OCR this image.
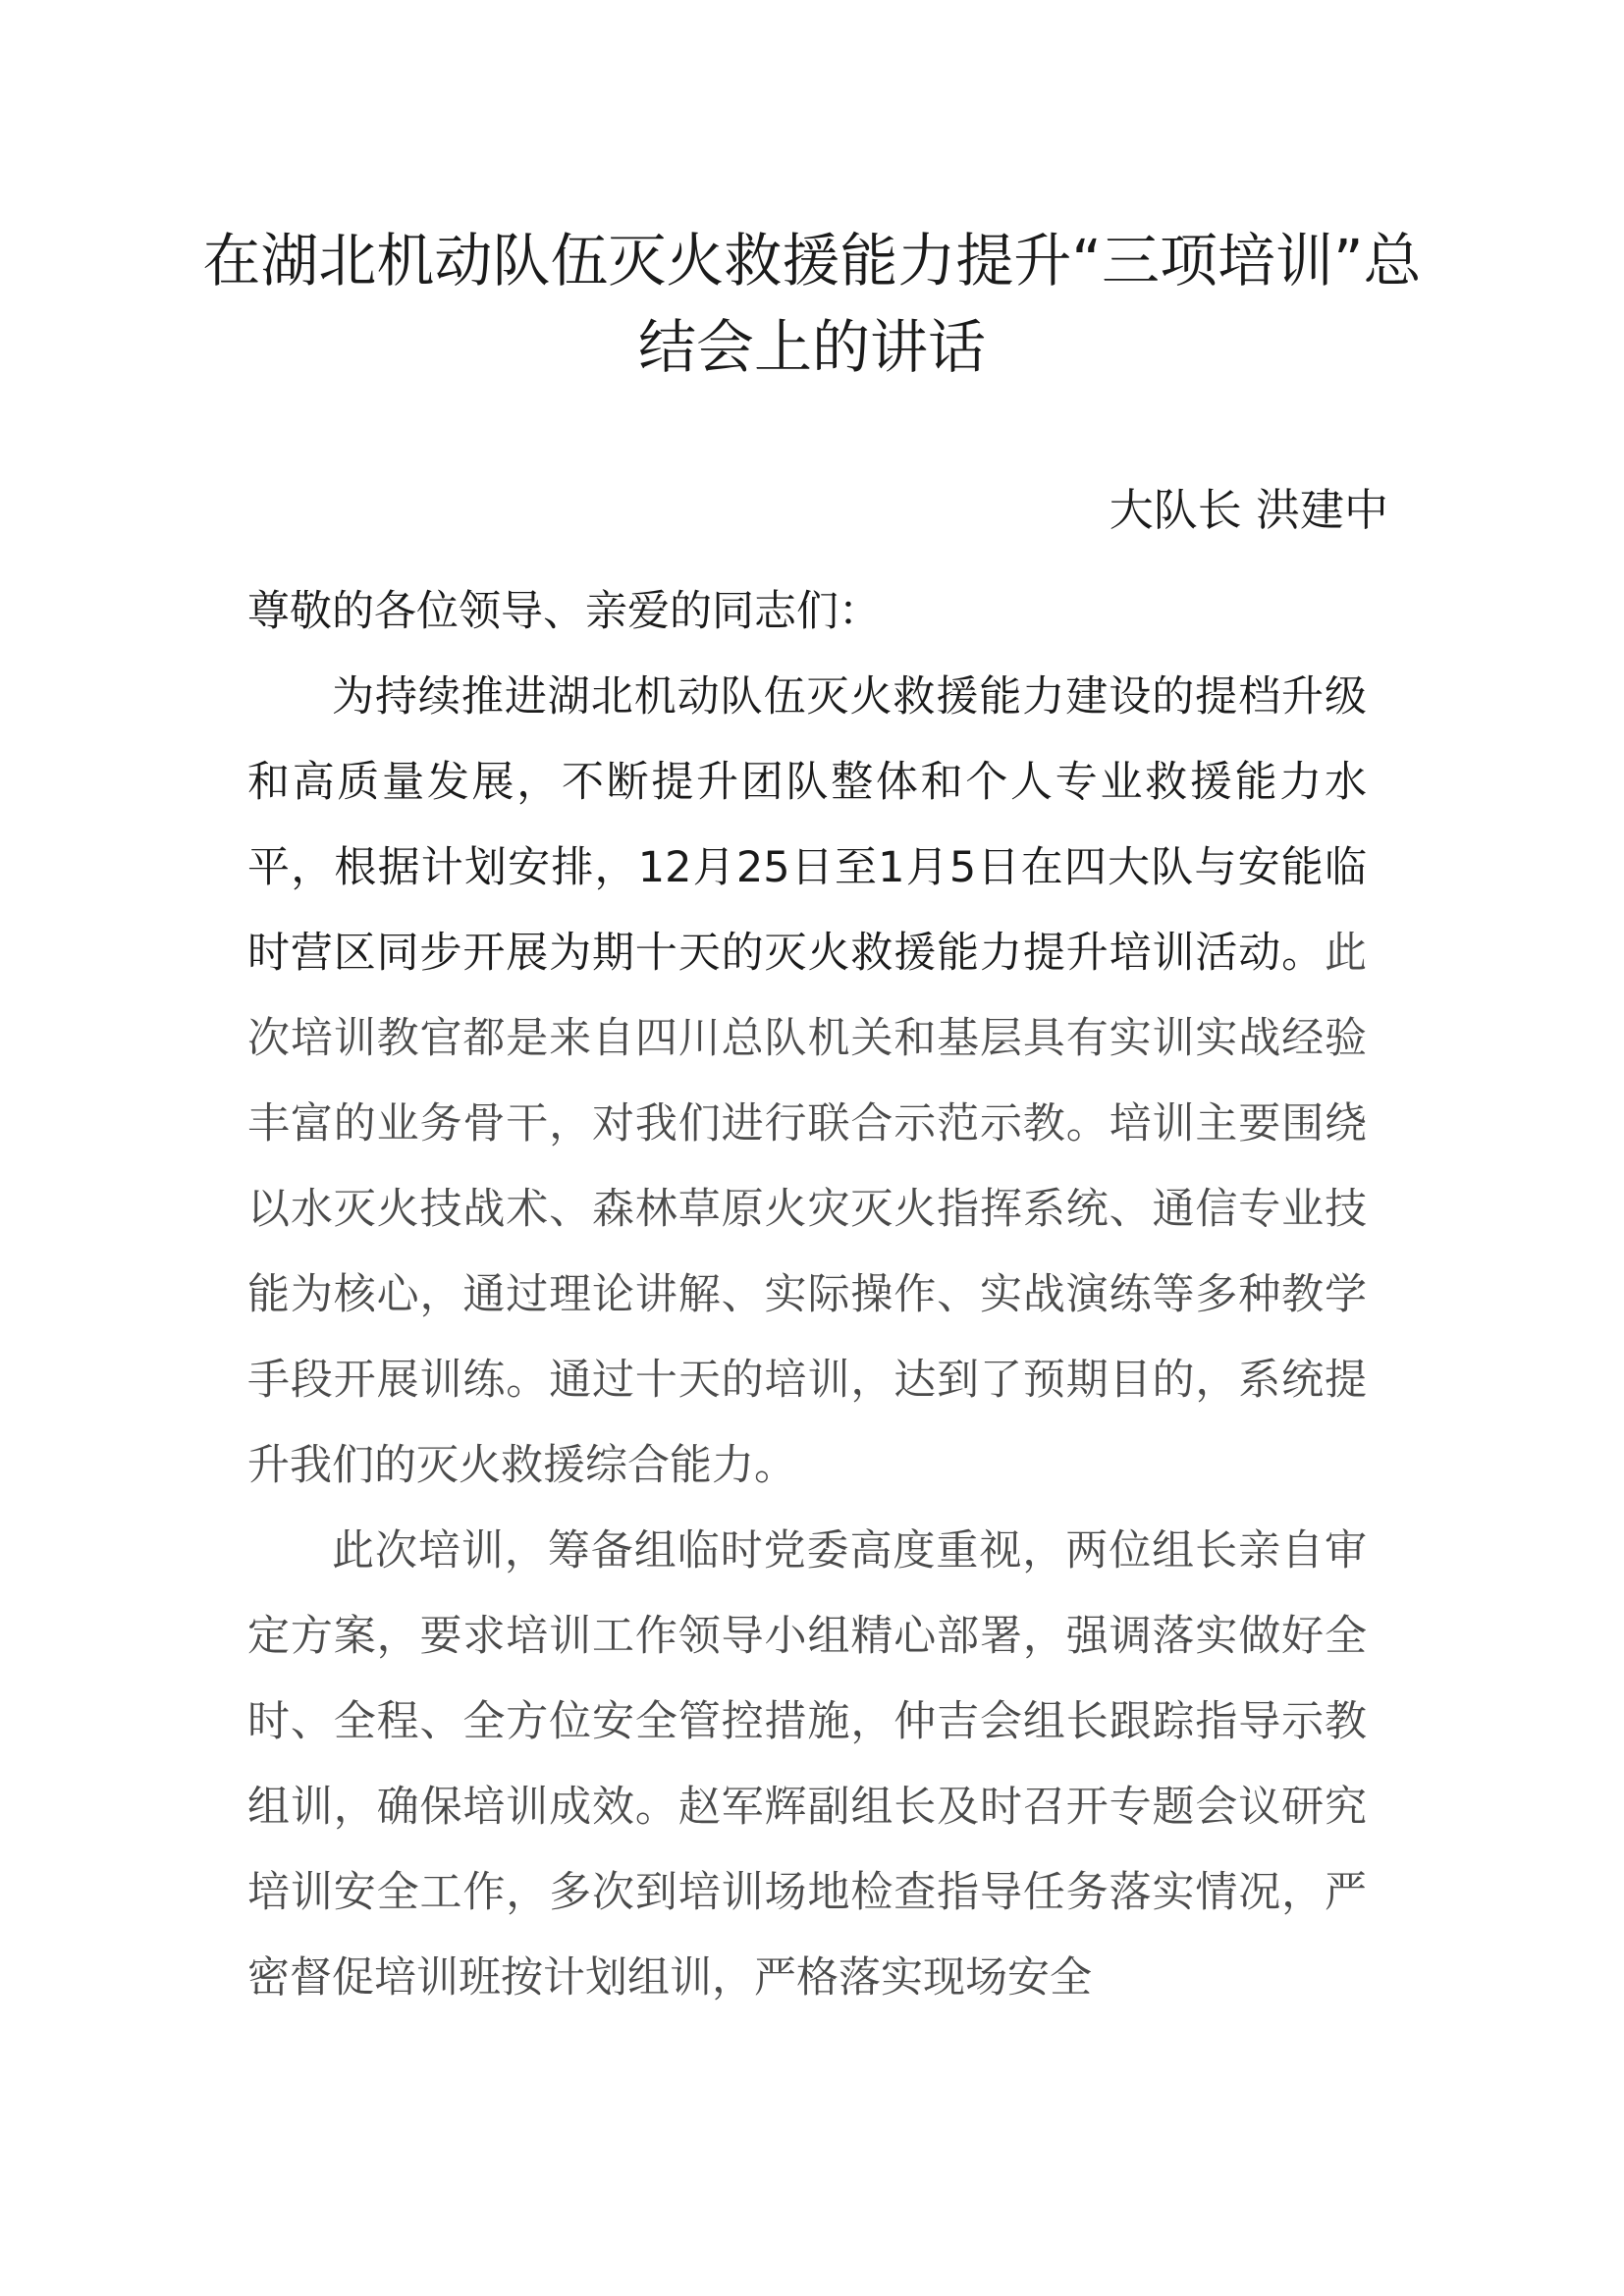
在湖北机动队伍灭火救援能力提升“三项培训”总结会上的讲话
大队长 洪建中

尊敬的各位领导、亲爱的同志们：

为持续推进湖北机动队伍灭火救援能力建设的提档升级和高质量发展，不断提升团队整体和个人专业救援能力水平，根据计划安排，12月25日至1月5日在四大队与安能临时营区同步开展为期十天的灭火救援能力提升培训活动。此次培训教官都是来自四川总队机关和基层具有实训实战经验丰富的业务骨干，对我们进行联合示范示教。培训主要围绕以水灭火技战术、森林草原火灾灭火指挥系统、通信专业技能为核心，通过理论讲解、实际操作、实战演练等多种教学手段开展训练。通过十天的培训，达到了预期目的，系统提升我们的灭火救援综合能力。

此次培训，筹备组临时党委高度重视，两位组长亲自审定方案，要求培训工作领导小组精心部署，强调落实做好全时、全程、全方位安全管控措施，仲吉会组长跟踪指导示教组训，确保培训成效。赵军辉副组长及时召开专题会议研究培训安全工作，多次到培训场地检查指导任务落实情况，严密督促培训班按计划组训，严格落实现场安全
